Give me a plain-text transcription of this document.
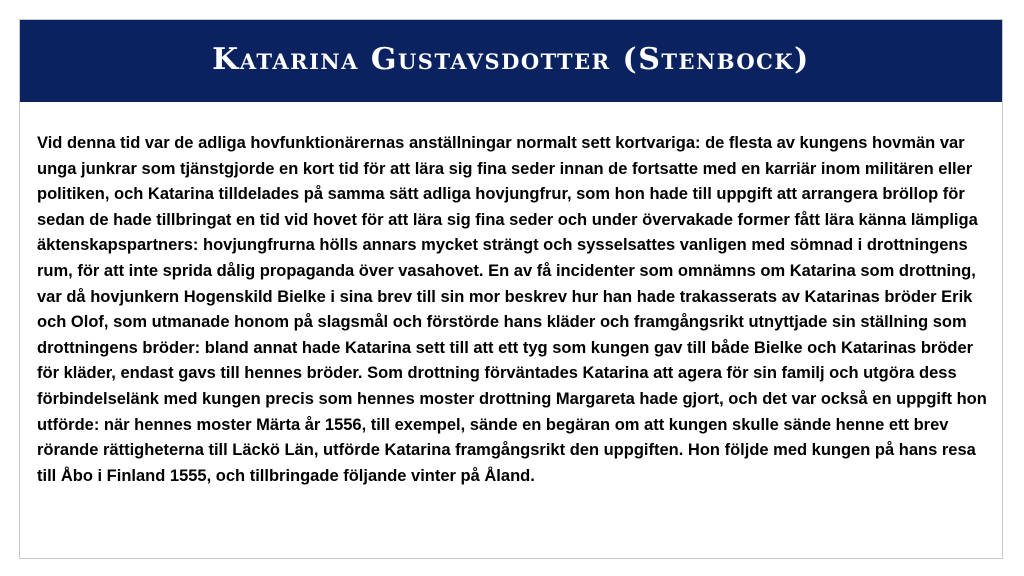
Katarina Gustavsdotter (Stenbock)

Vid denna tid var de adliga hovfunktionärernas anställningar normalt sett kortvariga: de flesta av kungens hovmän var unga junkrar som tjänstgjorde en kort tid för att lära sig fina seder innan de fortsatte med en karriär inom militären eller politiken, och Katarina tilldelades på samma sätt adliga hovjungfrur, som hon hade till uppgift att arrangera bröllop för sedan de hade tillbringat en tid vid hovet för att lära sig fina seder och under övervakade former fått lära känna lämpliga äktenskapspartners: hovjungfrurna hölls annars mycket strängt och sysselsattes vanligen med sömnad i drottningens rum, för att inte sprida dålig propaganda över vasahovet. En av få incidenter som omnämns om Katarina som drottning, var då hovjunkern Hogenskild Bielke i sina brev till sin mor beskrev hur han hade trakasserats av Katarinas bröder Erik och Olof, som utmanade honom på slagsmål och förstörde hans kläder och framgångsrikt utnyttjade sin ställning som drottningens bröder: bland annat hade Katarina sett till att ett tyg som kungen gav till både Bielke och Katarinas bröder för kläder, endast gavs till hennes bröder. Som drottning förväntades Katarina att agera för sin familj och utgöra dess förbindelselänk med kungen precis som hennes moster drottning Margareta hade gjort, och det var också en uppgift hon utförde: när hennes moster Märta år 1556, till exempel, sände en begäran om att kungen skulle sände henne ett brev rörande rättigheterna till Läckö Län, utförde Katarina framgångsrikt den uppgiften. Hon följde med kungen på hans resa till Åbo i Finland 1555, och tillbringade följande vinter på Åland.
